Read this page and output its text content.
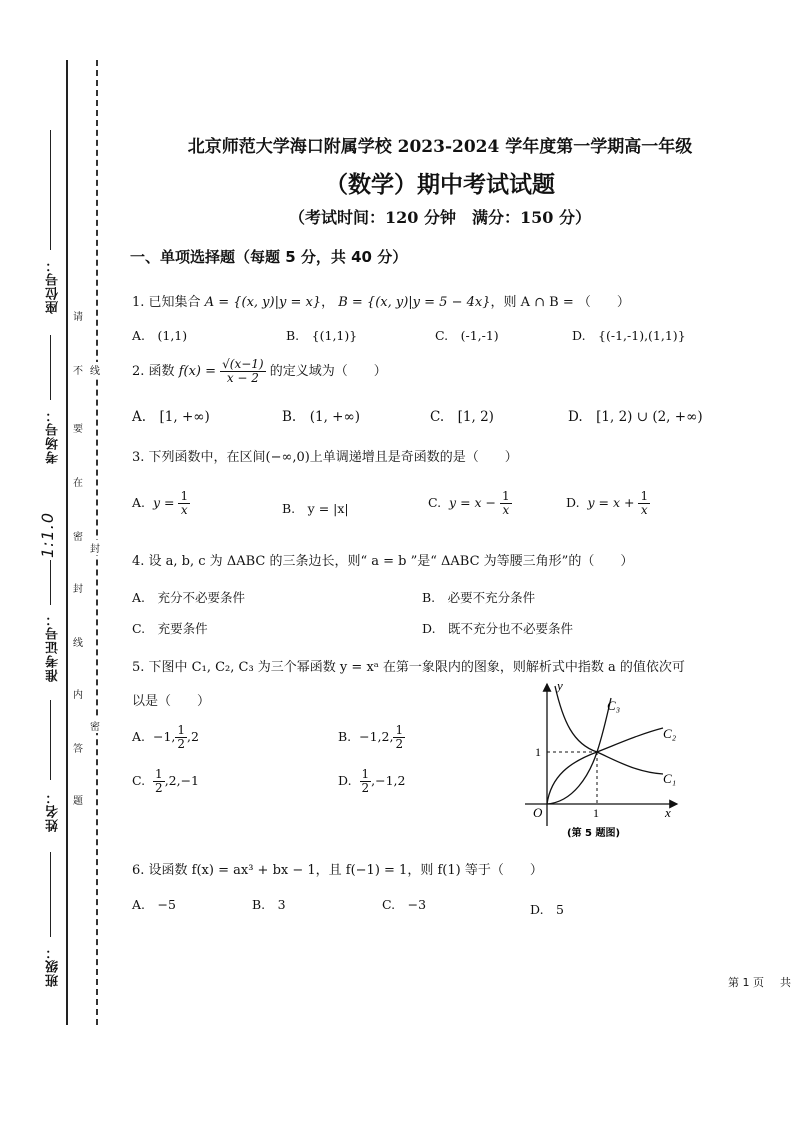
座位号：
考场号：
1:1.0
准考证号：
姓名：
班级：
请
不
要
在
密
封
线
内
答
题
线
封
密
北京师范大学海口附属学校 2023-2024 学年度第一学期高一年级
（数学）期中考试试题
（考试时间：120 分钟　满分：150 分）
一、单项选择题（每题 5 分，共 40 分）
1. 已知集合 A = {(x, y)|y = x}， B = {(x, y)|y = 5 − 4x}，则 A ∩ B = （　　）
A.　(1,1)	B.　{(1,1)}	C.　(-1,-1)	D.　{(-1,-1),(1,1)}
2. 函数 $f(x) = \frac{√(x-1)}{x - 2}$ 的定义域为（　　）
A.　[1, +∞)	B.　(1, +∞)	C.　[1, 2)	D.　[1, 2) ∪ (2, +∞)
3. 下列函数中，在区间(−∞,0)上单调递增且是奇函数的是（　　）
A. $y = \frac{1}{x}$	B.　y = |x|	C. $y = x - \frac{1}{x}$	D. $y = x + \frac{1}{x}$
4. 设 a, b, c 为 ΔABC 的三条边长，则“ a = b ”是“ ΔABC 为等腰三角形”的（　　）
A.　充分不必要条件	B.　必要不充分条件
C.　充要条件	D.　既不充分也不必要条件
5. 下图中 C₁, C₂, C₃ 为三个幂函数 y = xᵃ 在第一象限内的图象，则解析式中指数 a 的值依次可
以是（　　）
A. −1, $\frac{1}{2} ,2$	B. −1,2, $\frac{1}{2}$
C. $\frac{1}{2} ,2,-1$	D. $\frac{1}{2} ,-1,2$
y
x
O	1
1
C₁
C₂
C₃
(第 5 题图)
6. 设函数 f(x) = ax³ + bx − 1，且 f(−1) = 1，则 f(1) 等于（　　）
A.　−5	B.　3	C.　−3	D.　5
第 1 页 共
